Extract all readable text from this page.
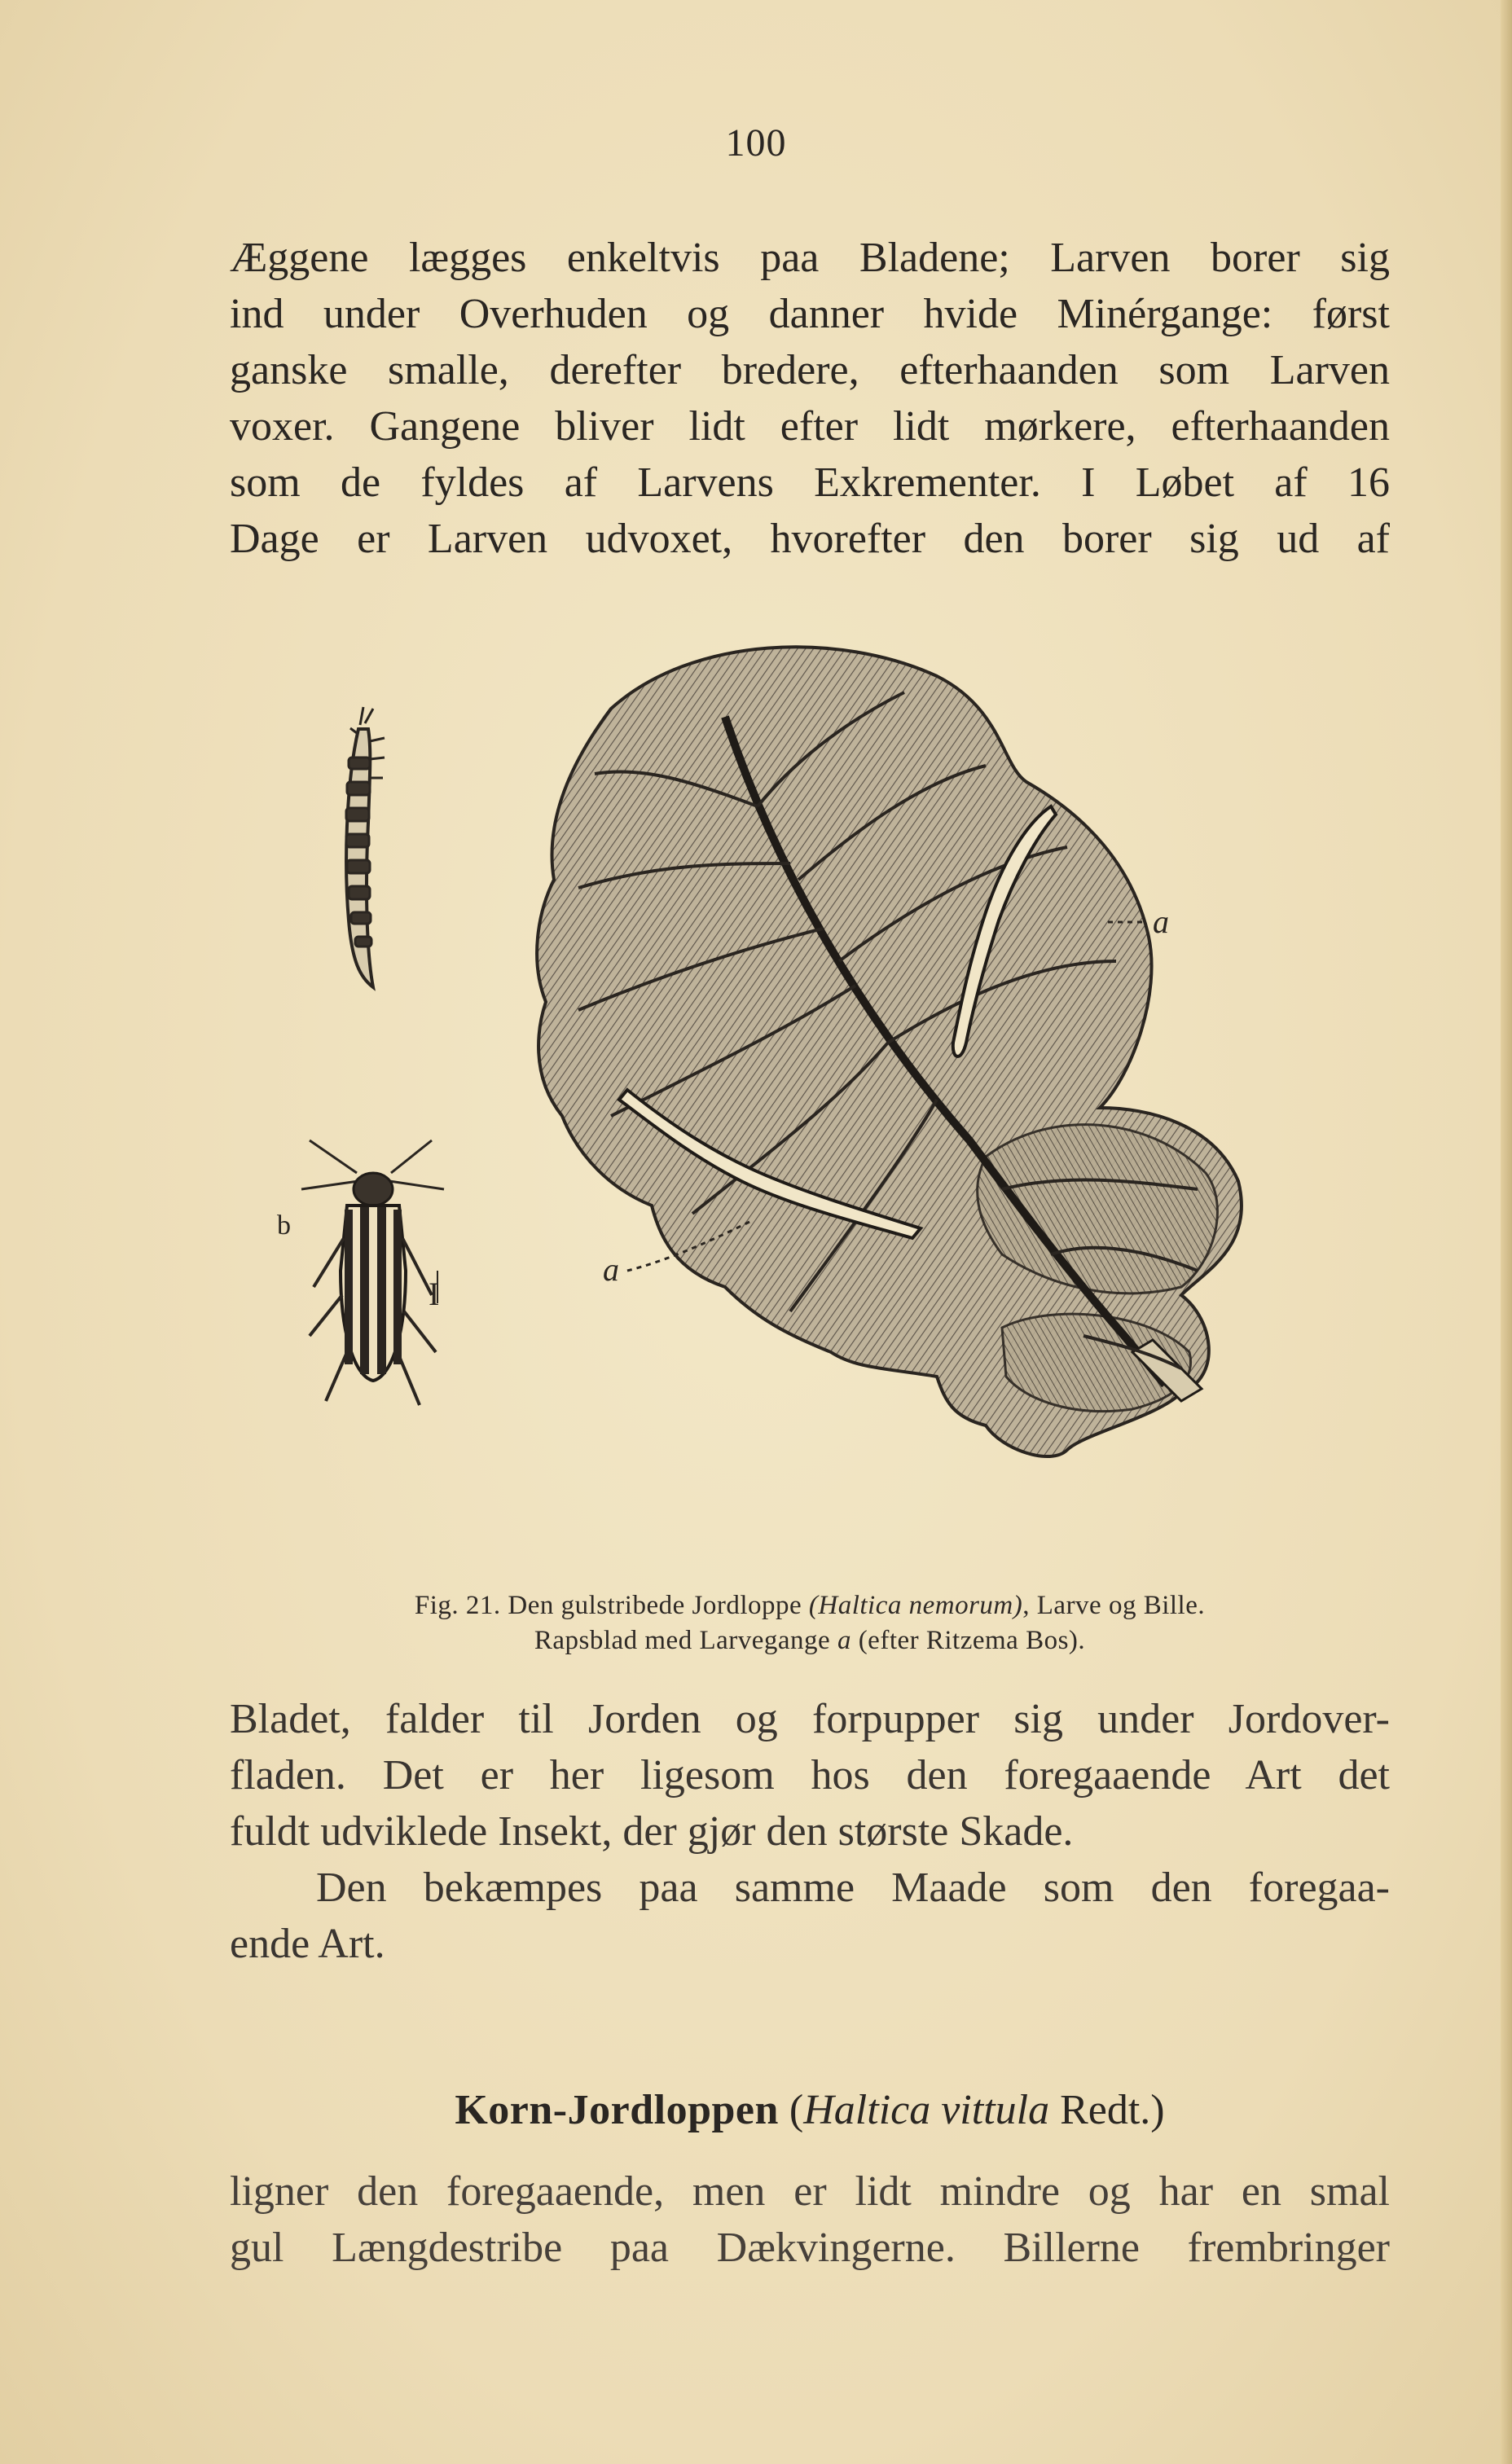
100
Æggene lægges enkeltvis paa Bladene; Larven borer sig
ind under Overhuden og danner hvide Minérgange: først
ganske smalle, derefter bredere, efterhaanden som Larven
voxer. Gangene bliver lidt efter lidt mørkere, efterhaanden
som de fyldes af Larvens Exkrementer. I Løbet af 16
Dage er Larven udvoxet, hvorefter den borer sig ud af
b
I
a
a
Fig. 21. Den gulstribede Jordloppe (Haltica nemorum), Larve og Bille.
Rapsblad med Larvegange a (efter Ritzema Bos).
Bladet, falder til Jorden og forpupper sig under Jordover-
fladen. Det er her ligesom hos den foregaaende Art det
fuldt udviklede Insekt, der gjør den største Skade.
Den bekæmpes paa samme Maade som den foregaa-
ende Art.
Korn-Jordloppen (Haltica vittula Redt.)
ligner den foregaaende, men er lidt mindre og har en smal
gul Længdestribe paa Dækvingerne. Billerne frembringer
